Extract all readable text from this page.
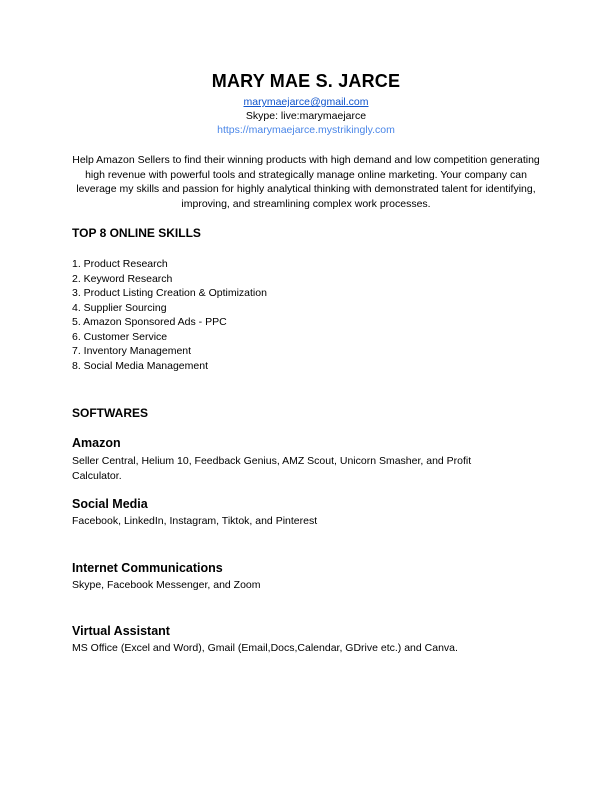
MARY MAE S. JARCE
marymaejarce@gmail.com
Skype: live:marymaejarce
https://marymaejarce.mystrikingly.com
Help Amazon Sellers to find their winning products with high demand and low competition generating high revenue with powerful tools and strategically manage online marketing. Your company can leverage my skills and passion for highly analytical thinking with demonstrated talent for identifying, improving, and streamlining complex work processes.
TOP 8 ONLINE SKILLS
1. Product Research
2. Keyword Research
3. Product Listing Creation & Optimization
4. Supplier Sourcing
5. Amazon Sponsored Ads - PPC
6. Customer Service
7. Inventory Management
8. Social Media Management
SOFTWARES
Amazon
Seller Central, Helium 10, Feedback Genius, AMZ Scout, Unicorn Smasher, and Profit Calculator.
Social Media
Facebook, LinkedIn, Instagram, Tiktok, and Pinterest
Internet Communications
Skype, Facebook Messenger, and Zoom
Virtual Assistant
MS Office (Excel and Word), Gmail (Email,Docs,Calendar, GDrive etc.) and Canva.
